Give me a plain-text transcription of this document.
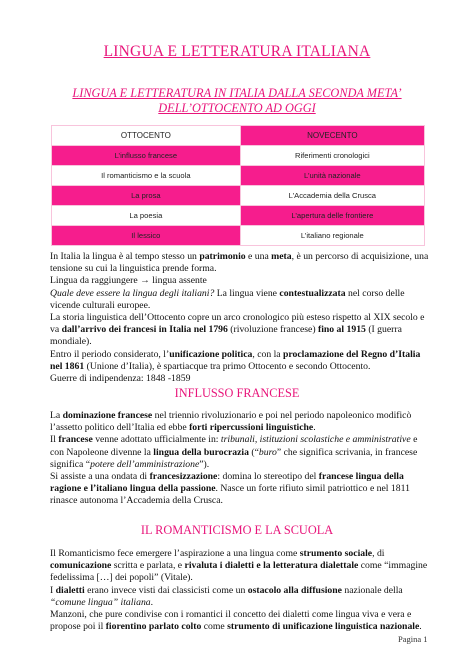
LINGUA E LETTERATURA ITALIANA
LINGUA E LETTERATURA IN ITALIA DALLA SECONDA META’
DELL’OTTOCENTO AD OGGI
OTTOCENTO	NOVECENTO
L’influsso francese	Riferimenti cronologici
Il romanticismo e la scuola	L’unità nazionale
La prosa	L’Accademia della Crusca
La poesia	L’apertura delle frontiere
Il lessico	L’italiano regionale

In Italia la lingua è al tempo stesso un patrimonio e una meta, è un percorso di acquisizione, una tensione su cui la linguistica prende forma.

Lingua da raggiungere → lingua assente

Quale deve essere la lingua degli italiani? La lingua viene contestualizzata nel corso delle vicende culturali europee.

La storia linguistica dell’Ottocento copre un arco cronologico più esteso rispetto al XIX secolo e va dall’arrivo dei francesi in Italia nel 1796 (rivoluzione francese) fino al 1915 (I guerra mondiale).

Entro il periodo considerato, l’unificazione politica, con la proclamazione del Regno d’Italia nel 1861 (Unione d’Italia), è spartiacque tra primo Ottocento e secondo Ottocento.

Guerre di indipendenza: 1848 -1859

INFLUSSO FRANCESE

La dominazione francese nel triennio rivoluzionario e poi nel periodo napoleonico modificò l’assetto politico dell’Italia ed ebbe forti ripercussioni linguistiche.

Il francese venne adottato ufficialmente in: tribunali, istituzioni scolastiche e amministrative e con Napoleone divenne la lingua della burocrazia (“buro” che significa scrivania, in francese significa “potere dell’amministrazione”).

Si assiste a una ondata di francesizzazione: domina lo stereotipo del francese lingua della ragione e l’italiano lingua della passione. Nasce un forte rifiuto simil patriottico e nel 1811 rinasce autonoma l’Accademia della Crusca.

IL ROMANTICISMO E LA SCUOLA

Il Romanticismo fece emergere l’aspirazione a una lingua come strumento sociale, di comunicazione scritta e parlata, e rivaluta i dialetti e la letteratura dialettale come “immagine fedelissima […] dei popoli” (Vitale).

I dialetti erano invece visti dai classicisti come un ostacolo alla diffusione nazionale della “comune lingua” italiana.

Manzoni, che pure condivise con i romantici il concetto dei dialetti come lingua viva e vera e propose poi il fiorentino parlato colto come strumento di unificazione linguistica nazionale.

Pagina 1
